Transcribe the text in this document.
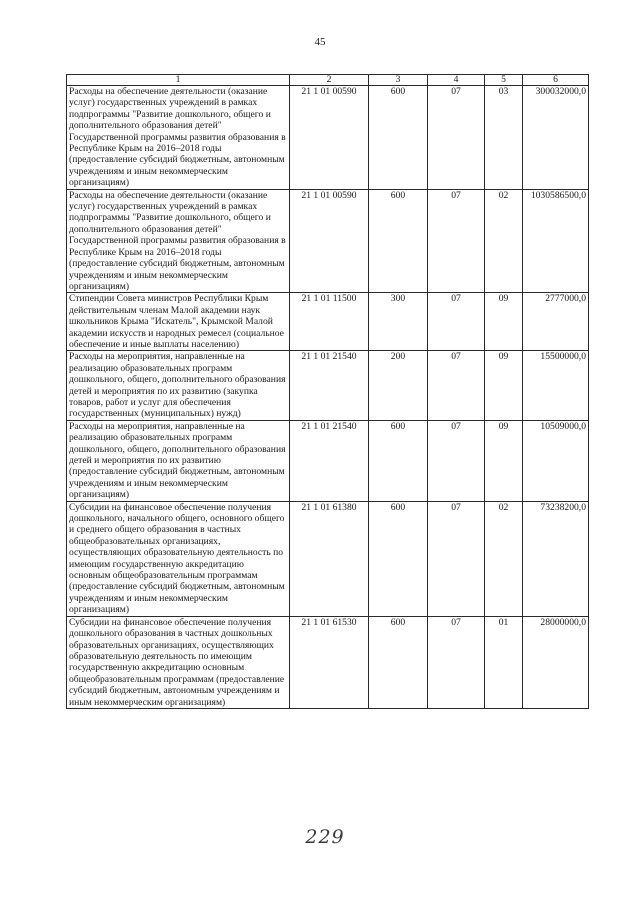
45
1	2	3	4	5	6
Расходы на обеспечение деятельности (оказание услуг) государственных учреждений в рамках подпрограммы "Развитие дошкольного, общего и дополнительного образования детей" Государственной программы развития образования в Республике Крым на 2016–2018 годы (предоставление субсидий бюджетным, автономным учреждениям и иным некоммерческим организациям)	21 1 01 00590	600	07	03	300032000,0
Расходы на обеспечение деятельности (оказание услуг) государственных учреждений в рамках подпрограммы "Развитие дошкольного, общего и дополнительного образования детей" Государственной программы развития образования в Республике Крым на 2016–2018 годы (предоставление субсидий бюджетным, автономным учреждениям и иным некоммерческим организациям)	21 1 01 00590	600	07	02	1030586500,0
Стипендии Совета министров Республики Крым действительным членам Малой академии наук школьников Крыма "Искатель", Крымской Малой академии искусств и народных ремесел (социальное обеспечение и иные выплаты населению)	21 1 01 11500	300	07	09	2777000,0
Расходы на мероприятия, направленные на реализацию образовательных программ дошкольного, общего, дополнительного образования детей и мероприятия по их развитию (закупка товаров, работ и услуг для обеспечения государственных (муниципальных) нужд)	21 1 01 21540	200	07	09	15500000,0
Расходы на мероприятия, направленные на реализацию образовательных программ дошкольного, общего, дополнительного образования детей и мероприятия по их развитию (предоставление субсидий бюджетным, автономным учреждениям и иным некоммерческим организациям)	21 1 01 21540	600	07	09	10509000,0
Субсидии на финансовое обеспечение получения дошкольного, начального общего, основного общего и среднего общего образования в частных общеобразовательных организациях, осуществляющих образовательную деятельность по имеющим государственную аккредитацию основным общеобразовательным программам (предоставление субсидий бюджетным, автономным учреждениям и иным некоммерческим организациям)	21 1 01 61380	600	07	02	73238200,0
Субсидии на финансовое обеспечение получения дошкольного образования в частных дошкольных образовательных организациях, осуществляющих образовательную деятельность по имеющим государственную аккредитацию основным общеобразовательным программам (предоставление субсидий бюджетным, автономным учреждениям и иным некоммерческим организациям)	21 1 01 61530	600	07	01	28000000,0
229
